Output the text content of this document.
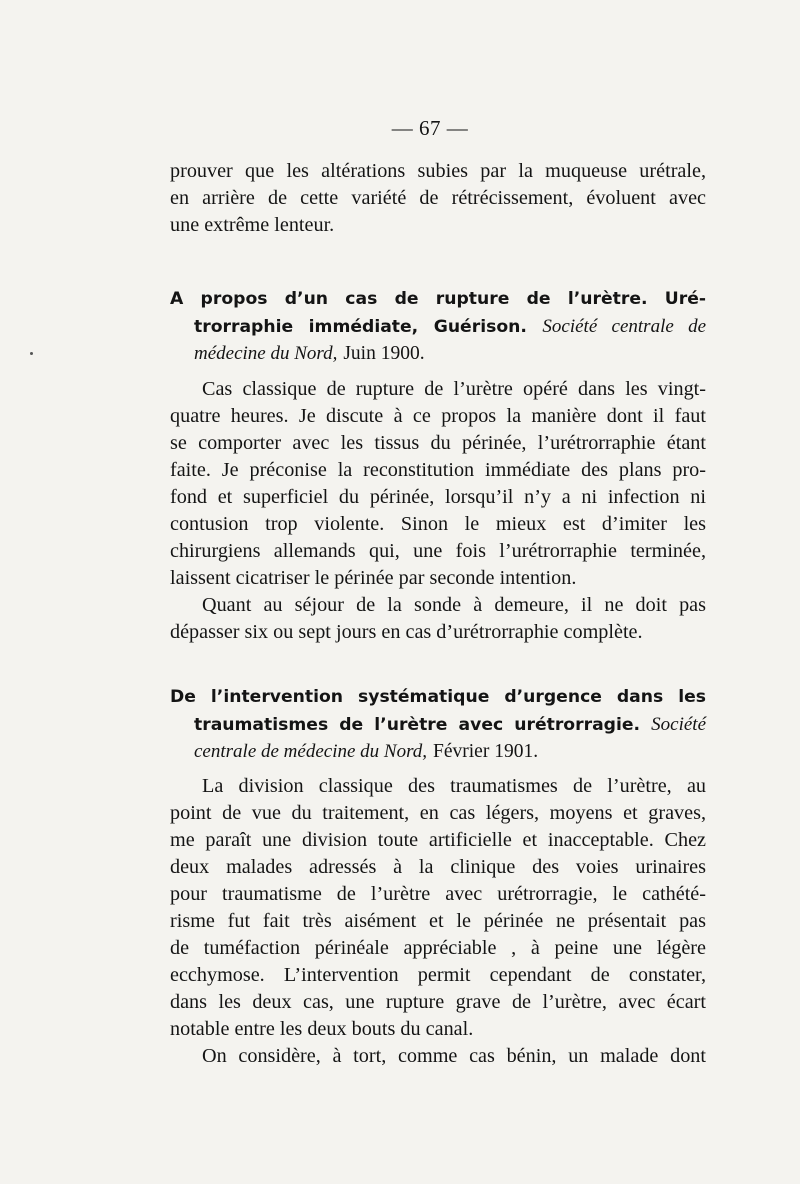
— 67 —
prouver que les altérations subies par la muqueuse urétrale,
en arrière de cette variété de rétrécissement, évoluent avec
une extrême lenteur.
A propos d’un cas de rupture de l’urètre. Uré-
trorraphie immédiate, Guérison. Société centrale de
médecine du Nord, Juin 1900.
Cas classique de rupture de l’urètre opéré dans les vingt-
quatre heures. Je discute à ce propos la manière dont il faut
se comporter avec les tissus du périnée, l’urétrorraphie étant
faite. Je préconise la reconstitution immédiate des plans pro-
fond et superficiel du périnée, lorsqu’il n’y a ni infection ni
contusion trop violente. Sinon le mieux est d’imiter les
chirurgiens allemands qui, une fois l’urétrorraphie terminée,
laissent cicatriser le périnée par seconde intention.
Quant au séjour de la sonde à demeure, il ne doit pas
dépasser six ou sept jours en cas d’urétrorraphie complète.
De l’intervention systématique d’urgence dans les
traumatismes de l’urètre avec urétrorragie. Société
centrale de médecine du Nord, Février 1901.
La division classique des traumatismes de l’urètre, au
point de vue du traitement, en cas légers, moyens et graves,
me paraît une division toute artificielle et inacceptable. Chez
deux malades adressés à la clinique des voies urinaires
pour traumatisme de l’urètre avec urétrorragie, le cathété-
risme fut fait très aisément et le périnée ne présentait pas
de tuméfaction périnéale appréciable , à peine une légère
ecchymose. L’intervention permit cependant de constater,
dans les deux cas, une rupture grave de l’urètre, avec écart
notable entre les deux bouts du canal.
On considère, à tort, comme cas bénin, un malade dont
